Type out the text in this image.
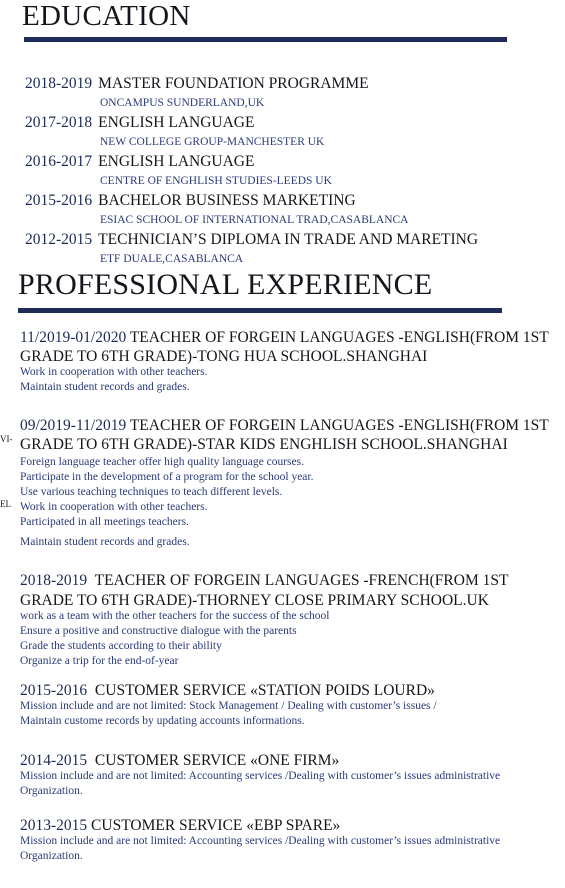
EDUCATION
2018-2019 MASTER FOUNDATION PROGRAMME
ONCAMPUS SUNDERLAND,UK
2017-2018 ENGLISH LANGUAGE
NEW COLLEGE GROUP-MANCHESTER UK
2016-2017 ENGLISH LANGUAGE
CENTRE OF ENGHLISH STUDIES-LEEDS UK
2015-2016 BACHELOR BUSINESS MARKETING
ESIAC SCHOOL OF INTERNATIONAL TRAD,CASABLANCA
2012-2015 TECHNICIAN’S DIPLOMA IN TRADE AND MARETING
ETF DUALE,CASABLANCA
PROFESSIONAL EXPERIENCE
VI-
EL
11/2019-01/2020 TEACHER OF FORGEIN LANGUAGES -ENGLISH(FROM 1ST
GRADE TO 6TH GRADE)-TONG HUA SCHOOL.SHANGHAI
Work in cooperation with other teachers.
Maintain student records and grades.
09/2019-11/2019 TEACHER OF FORGEIN LANGUAGES -ENGLISH(FROM 1ST
GRADE TO 6TH GRADE)-STAR KIDS ENGHLISH SCHOOL.SHANGHAI
Foreign language teacher offer high quality language courses.
Participate in the development of a program for the school year.
Use various teaching techniques to teach different levels.
Work in cooperation with other teachers.
Participated in all meetings teachers.
Maintain student records and grades.
2018-2019 TEACHER OF FORGEIN LANGUAGES -FRENCH(FROM 1ST
GRADE TO 6TH GRADE)-THORNEY CLOSE PRIMARY SCHOOL.UK
work as a team with the other teachers for the success of the school
Ensure a positive and constructive dialogue with the parents
Grade the students according to their ability
Organize a trip for the end-of-year
2015-2016 CUSTOMER SERVICE «STATION POIDS LOURD»
Mission include and are not limited: Stock Management / Dealing with customer’s issues /
Maintain custome records by updating accounts informations.
2014-2015 CUSTOMER SERVICE «ONE FIRM»
Mission include and are not limited: Accounting services /Dealing with customer’s issues administrative
Organization.
2013-2015 CUSTOMER SERVICE «EBP SPARE»
Mission include and are not limited: Accounting services /Dealing with customer’s issues administrative
Organization.
